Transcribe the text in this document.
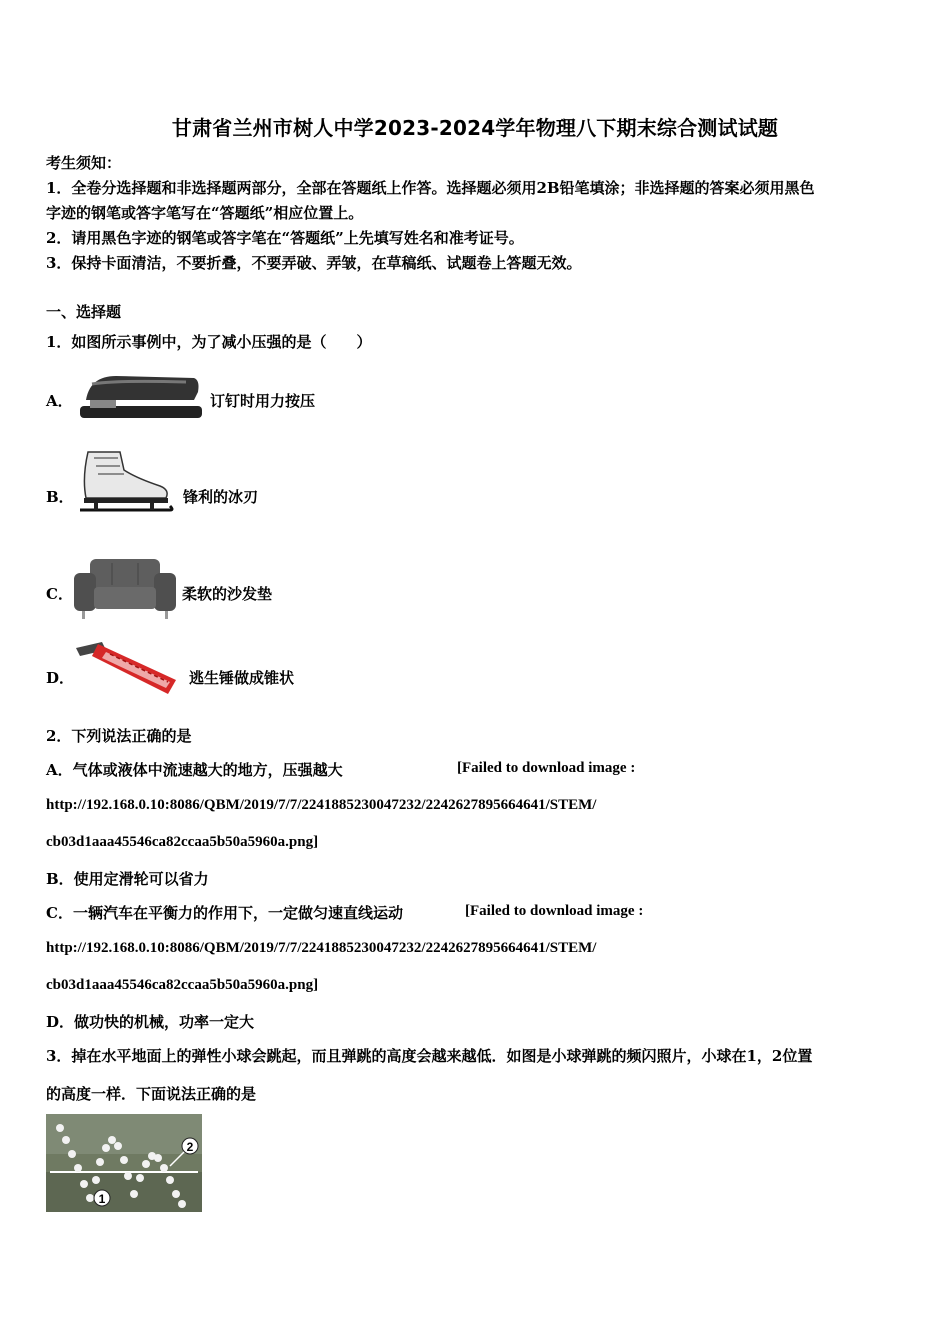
甘肃省兰州市树人中学2023-2024学年物理八下期末综合测试试题
考生须知：
1．全卷分选择题和非选择题两部分，全部在答题纸上作答。选择题必须用2B铅笔填涂；非选择题的答案必须用黑色
字迹的钢笔或答字笔写在“答题纸”相应位置上。
2．请用黑色字迹的钢笔或答字笔在“答题纸”上先填写姓名和准考证号。
3．保持卡面清洁，不要折叠，不要弄破、弄皱，在草稿纸、试题卷上答题无效。
一、选择题
1．如图所示事例中，为了减小压强的是（　　）
A．	订钉时用力按压
B．	锋利的冰刃
C．	柔软的沙发垫
D．	逃生锤做成锥状
2．下列说法正确的是
A．气体或液体中流速越大的地方，压强越大	[Failed to download image :
http://192.168.0.10:8086/QBM/2019/7/7/2241885230047232/2242627895664641/STEM/
cb03d1aaa45546ca82ccaa5b50a5960a.png]
B．使用定滑轮可以省力
C．一辆汽车在平衡力的作用下，一定做匀速直线运动	[Failed to download image :
http://192.168.0.10:8086/QBM/2019/7/7/2241885230047232/2242627895664641/STEM/
cb03d1aaa45546ca82ccaa5b50a5960a.png]
D．做功快的机械，功率一定大
3．掉在水平地面上的弹性小球会跳起，而且弹跳的高度会越来越低．如图是小球弹跳的频闪照片，小球在1，2位置
的高度一样．下面说法正确的是
1
2
